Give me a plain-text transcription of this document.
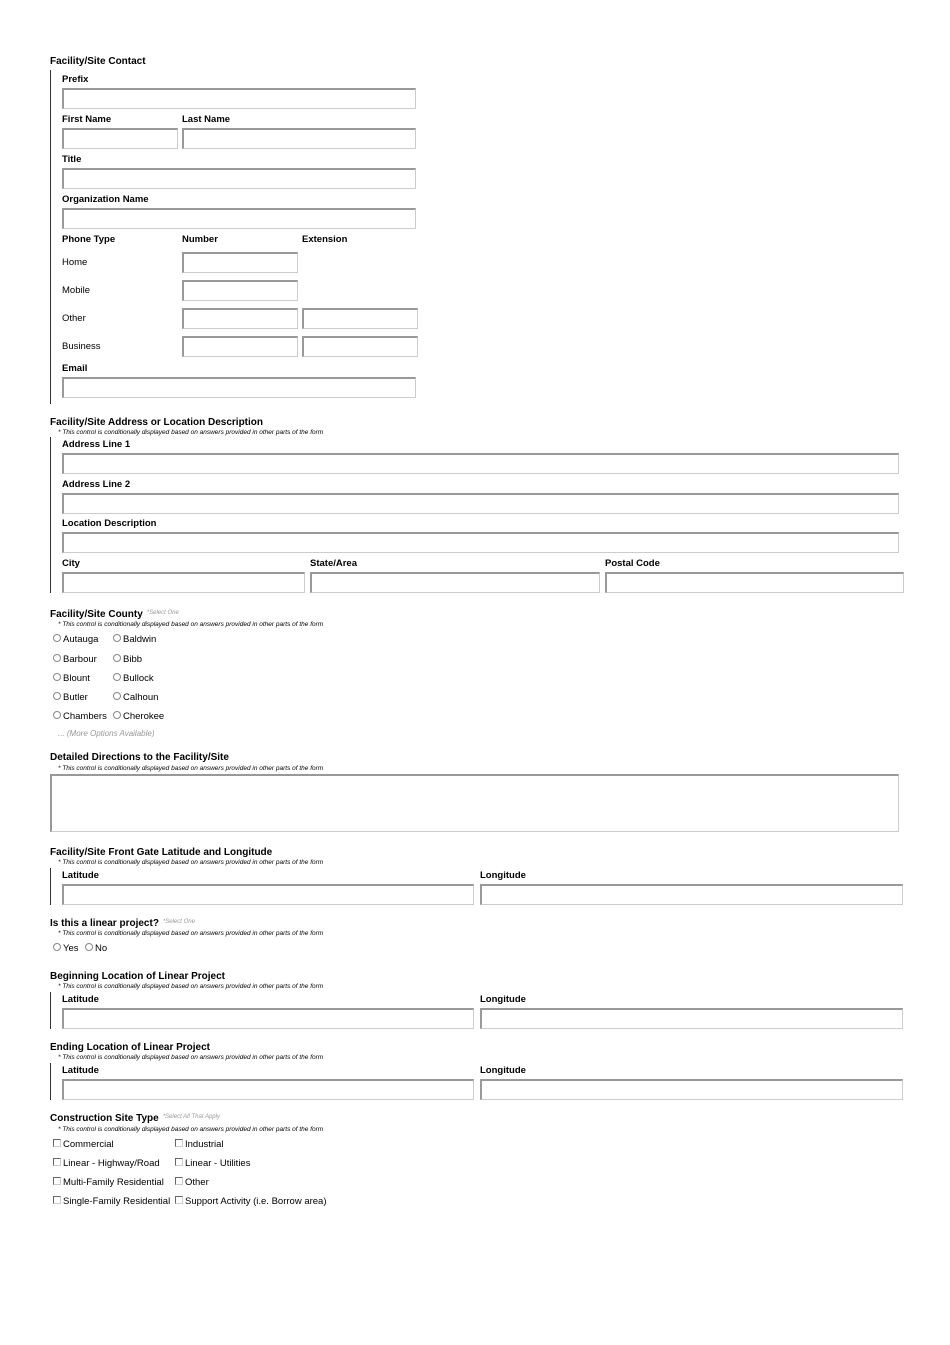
Facility/Site Contact
Prefix
First Name	Last Name
Title
Organization Name
Phone Type	Number	Extension
Home
Mobile
Other
Business
Email
Facility/Site Address or Location Description
* This control is conditionally displayed based on answers provided in other parts of the form
Address Line 1
Address Line 2
Location Description
City	State/Area	Postal Code
Facility/Site County $^{*Select One}$
* This control is conditionally displayed based on answers provided in other parts of the form
Autauga	Baldwin
Barbour	Bibb
Blount	Bullock
Butler	Calhoun
Chambers	Cherokee
... (More Options Available)
Detailed Directions to the Facility/Site
* This control is conditionally displayed based on answers provided in other parts of the form
Facility/Site Front Gate Latitude and Longitude
* This control is conditionally displayed based on answers provided in other parts of the form
Latitude	Longitude
Is this a linear project? $^{*Select One}$
* This control is conditionally displayed based on answers provided in other parts of the form
Yes	No
Beginning Location of Linear Project
* This control is conditionally displayed based on answers provided in other parts of the form
Latitude	Longitude
Ending Location of Linear Project
* This control is conditionally displayed based on answers provided in other parts of the form
Latitude	Longitude
Construction Site Type $^{*Select All That Apply}$
* This control is conditionally displayed based on answers provided in other parts of the form
Commercial	Industrial
Linear - Highway/Road	Linear - Utilities
Multi-Family Residential	Other
Single-Family Residential	Support Activity (i.e. Borrow area)
